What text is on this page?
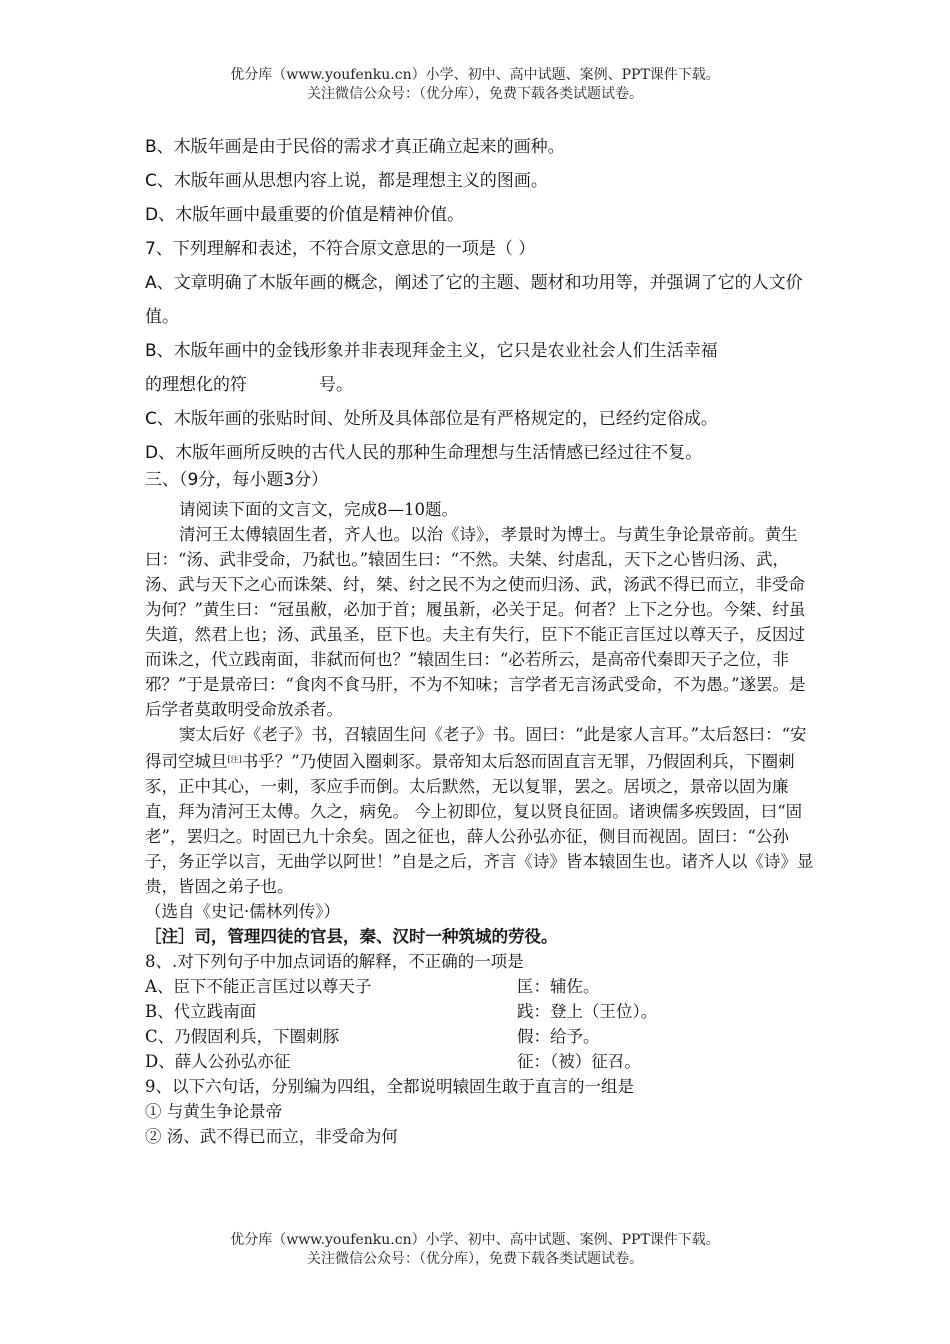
优分库（www.youfenku.cn）小学、初中、高中试题、案例、PPT课件下载。
关注微信公众号：（优分库），免费下载各类试题试卷。

B、木版年画是由于民俗的需求才真正确立起来的画种。

C、木版年画从思想内容上说，都是理想主义的图画。

D、木版年画中最重要的价值是精神价值。

7、下列理解和表述，不符合原文意思的一项是（ ）

A、文章明确了木版年画的概念，阐述了它的主题、题材和功用等，并强调了它的人文价值。

B、木版年画中的金钱形象并非表现拜金主义，它只是农业社会人们生活幸福

的理想化的符	号。

C、木版年画的张贴时间、处所及具体部位是有严格规定的，已经约定俗成。

D、木版年画所反映的古代人民的那种生命理想与生活情感已经过往不复。

三、（9分，每小题3分）

请阅读下面的文言文，完成8—10题。

清河王太傅辕固生者，齐人也。以治《诗》，孝景时为博士。与黄生争论景帝前。黄生曰：“汤、武非受命，乃弑也。”辕固生曰：“不然。夫桀、纣虐乱，天下之心皆归汤、武，汤、武与天下之心而诛桀、纣，桀、纣之民不为之使而归汤、武，汤武不得已而立，非受命为何？”黄生曰：“冠虽敝，必加于首；履虽新，必关于足。何者？上下之分也。今桀、纣虽失道，然君上也；汤、武虽圣，臣下也。夫主有失行，臣下不能正言匡过以尊天子，反因过而诛之，代立践南面，非弑而何也？”辕固生曰：“必若所云，是高帝代秦即天子之位，非邪？”于是景帝曰：“食肉不食马肝，不为不知味；言学者无言汤武受命，不为愚。”遂罢。是后学者莫敢明受命放杀者。

窦太后好《老子》书，召辕固生问《老子》书。固曰：“此是家人言耳。”太后怒曰：“安得司空城旦[注]书乎？”乃使固入圈刺豕。景帝知太后怒而固直言无罪，乃假固利兵，下圈刺豕，正中其心，一刺，豕应手而倒。太后默然，无以复罪，罢之。居顷之，景帝以固为廉直，拜为清河王太傅。久之，病免。 今上初即位，复以贤良征固。诸谀儒多疾毁固，曰“固老”，罢归之。时固已九十余矣。固之征也，薛人公孙弘亦征，侧目而视固。固曰：“公孙子，务正学以言，无曲学以阿世！”自是之后，齐言《诗》皆本辕固生也。诸齐人以《诗》显贵，皆固之弟子也。

（选自《史记·儒林列传》）

［注］司，管理四徒的官县，秦、汉时一种筑城的劳役。

8、.对下列句子中加点词语的解释，不正确的一项是

A、臣下不能正言匡过以尊天子	匡：辅佐。
B、代立践南面	践：登上（王位）。
C、乃假固利兵，下圈刺豚	假：给予。
D、薛人公孙弘亦征	征：（被）征召。

9、以下六句话，分别编为四组，全都说明辕固生敢于直言的一组是

① 与黄生争论景帝

② 汤、武不得已而立，非受命为何

优分库（www.youfenku.cn）小学、初中、高中试题、案例、PPT课件下载。
关注微信公众号：（优分库），免费下载各类试题试卷。
